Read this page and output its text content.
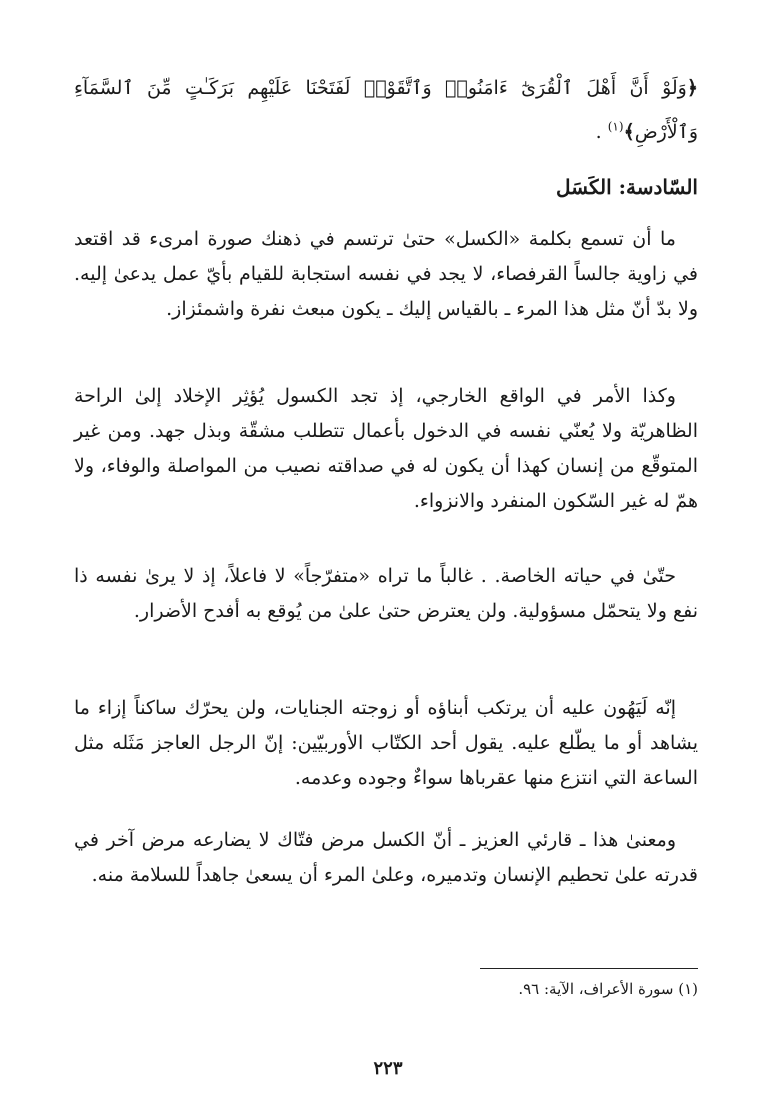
﴿وَلَوْ أَنَّ أَهْلَ ٱلْقُرَىٰٓ ءَامَنُوا۟ وَٱتَّقَوْا۟ لَفَتَحْنَا عَلَيْهِم بَرَكَـٰتٍ مِّنَ ٱلسَّمَآءِ وَٱلْأَرْضِ﴾$^{(١)}$ .

السّادسة: الكَسَل

ما أن تسمع بكلمة «الكسل» حتىٰ ترتسم في ذهنك صورة امرىء قد اقتعد في زاوية جالساً القرفصاء، لا يجد في نفسه استجابة للقيام بأيّ عمل يدعىٰ إليه. ولا بدّ أنّ مثل هذا المرء ـ بالقياس إليك ـ يكون مبعث نفرة واشمئزاز.

وكذا الأمر في الواقع الخارجي، إذ تجد الكسول يُؤثِر الإخلاد إلىٰ الراحة الظاهريّة ولا يُعنّي نفسه في الدخول بأعمال تتطلب مشقّة وبذل جهد. ومن غير المتوقّع من إنسان كهذا أن يكون له في صداقته نصيب من المواصلة والوفاء، ولا همّ له غير السّكون المنفرد والانزواء.

حتّىٰ في حياته الخاصة. . غالباً ما تراه «متفرّجاً» لا فاعلاً، إذ لا يرىٰ نفسه ذا نفع ولا يتحمّل مسؤولية. ولن يعترض حتىٰ علىٰ من يُوقع به أفدح الأضرار.

إنّه لَيَهُون عليه أن يرتكب أبناؤه أو زوجته الجنايات، ولن يحرّك ساكناً إزاء ما يشاهد أو ما يطّلع عليه. يقول أحد الكتّاب الأوربيّين: إنّ الرجل العاجز مَثَله مثل الساعة التي انتزع منها عقرباها سواءٌ وجوده وعدمه.

ومعنىٰ هذا ـ قارئي العزيز ـ أنّ الكسل مرض فتّاك لا يضارعه مرض آخر في قدرته علىٰ تحطيم الإنسان وتدميره، وعلىٰ المرء أن يسعىٰ جاهداً للسلامة منه.

(١) سورة الأعراف، الآية: ٩٦.

٢٢٣
